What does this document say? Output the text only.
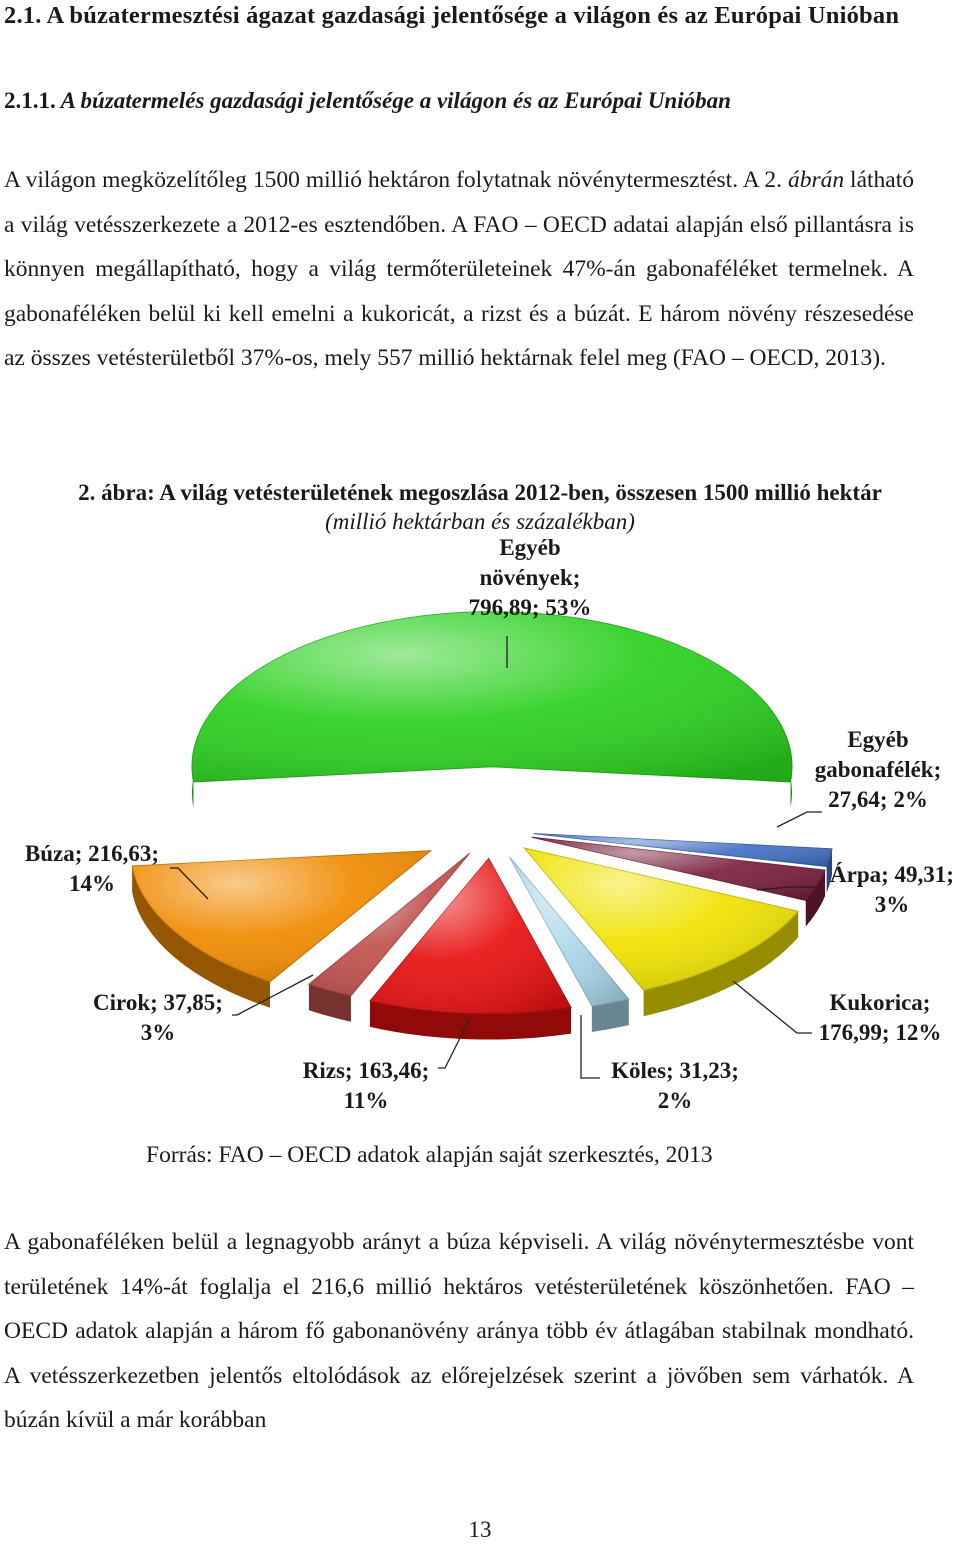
2.1. A búzatermesztési ágazat gazdasági jelentősége a világon és az Európai Unióban
2.1.1. A búzatermelés gazdasági jelentősége a világon és az Európai Unióban

A világon megközelítőleg 1500 millió hektáron folytatnak növénytermesztést. A 2. ábrán látható a világ vetésszerkezete a 2012-es esztendőben. A FAO – OECD adatai alapján első pillantásra is könnyen megállapítható, hogy a világ termőterületeinek 47%-án gabonaféléket termelnek. A gabonaféléken belül ki kell emelni a kukoricát, a rizst és a búzát. E három növény részesedése az összes vetésterületből 37%-os, mely 557 millió hektárnak felel meg (FAO – OECD, 2013).

2. ábra: A világ vetésterületének megoszlása 2012-ben, összesen 1500 millió hektár
(millió hektárban és százalékban)
Egyéb növények; 796,89; 53%
Egyéb gabonafélék; 27,64; 2%
Árpa; 49,31; 3%
Kukorica; 176,99; 12%
Köles; 31,23; 2%
Rizs; 163,46; 11%
Cirok; 37,85; 3%
Búza; 216,63; 14%
Forrás: FAO – OECD adatok alapján saját szerkesztés, 2013

A gabonaféléken belül a legnagyobb arányt a búza képviseli. A világ növénytermesztésbe vont területének 14%-át foglalja el 216,6 millió hektáros vetésterületének köszönhetően. FAO – OECD adatok alapján a három fő gabonanövény aránya több év átlagában stabilnak mondható. A vetésszerkezetben jelentős eltolódások az előrejelzések szerint a jövőben sem várhatók. A búzán kívül a már korábban

13
